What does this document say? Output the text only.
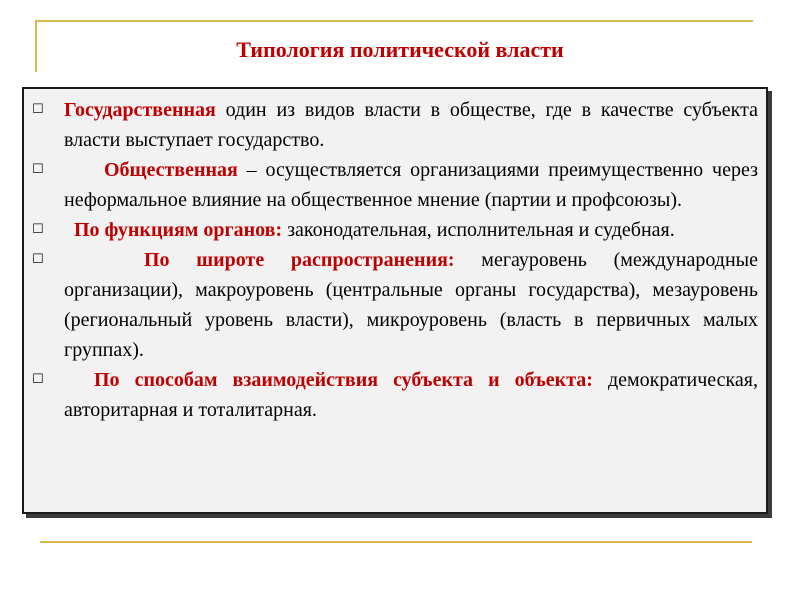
Типология политической власти
☐	Государственная один из видов власти в обществе, где в качестве субъекта власти выступает государство.
☐	Общественная – осуществляется организациями преимущественно через неформальное влияние на общественное мнение (партии и профсоюзы).
☐	По функциям органов: законодательная, исполнительная и судебная.
☐	По широте распространения: мегауровень (международные организации), макроуровень (центральные органы государства), мезауровень (региональный уровень власти), микроуровень (власть в первичных малых группах).
☐	По способам взаимодействия субъекта и объекта: демократическая, авторитарная и тоталитарная.
